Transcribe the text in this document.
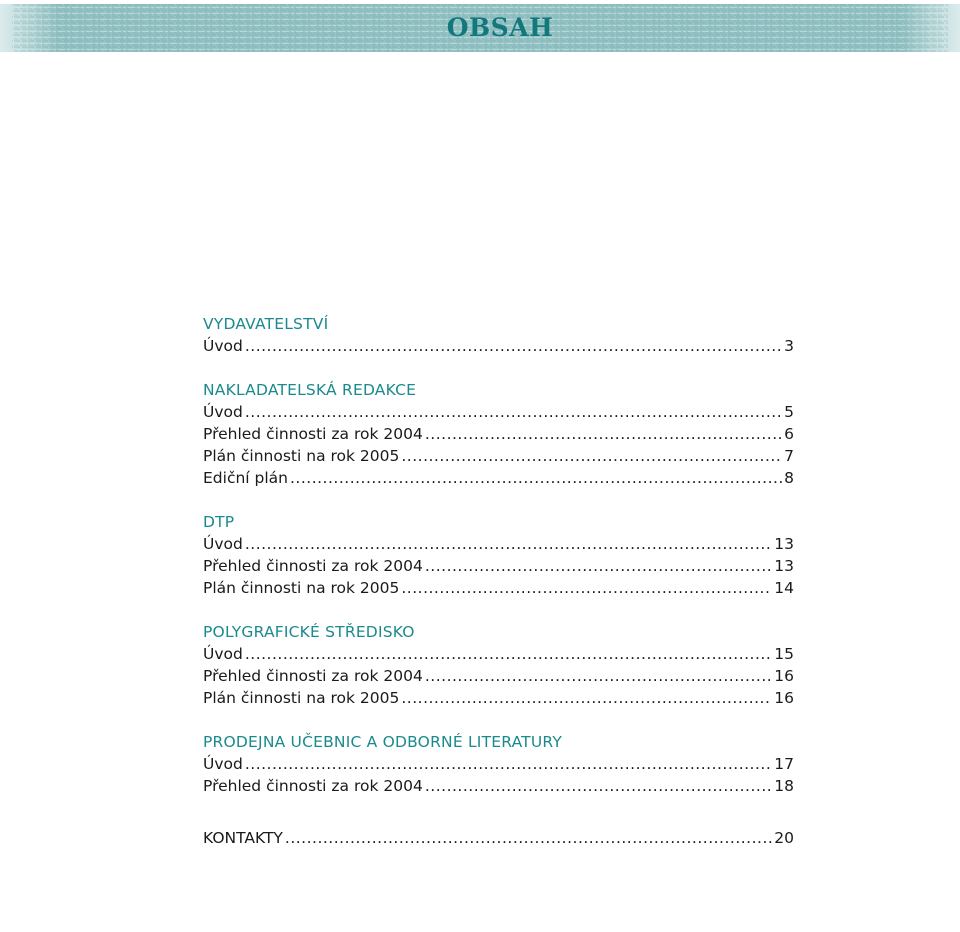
OBSAH
VYDAVATELSTVÍ
Úvod .....	3
NAKLADATELSKÁ REDAKCE
Úvod .....	5
Přehled činnosti za rok 2004 .....	6
Plán činnosti na rok 2005 .....	7
Ediční plán .....	8
DTP
Úvod .....	13
Přehled činnosti za rok 2004 .....	13
Plán činnosti na rok 2005 .....	14
POLYGRAFICKÉ STŘEDISKO
Úvod .....	15
Přehled činnosti za rok 2004 .....	16
Plán činnosti na rok 2005 .....	16
PRODEJNA UČEBNIC A ODBORNÉ LITERATURY
Úvod .....	17
Přehled činnosti za rok 2004 .....	18
KONTAKTY .....	20
